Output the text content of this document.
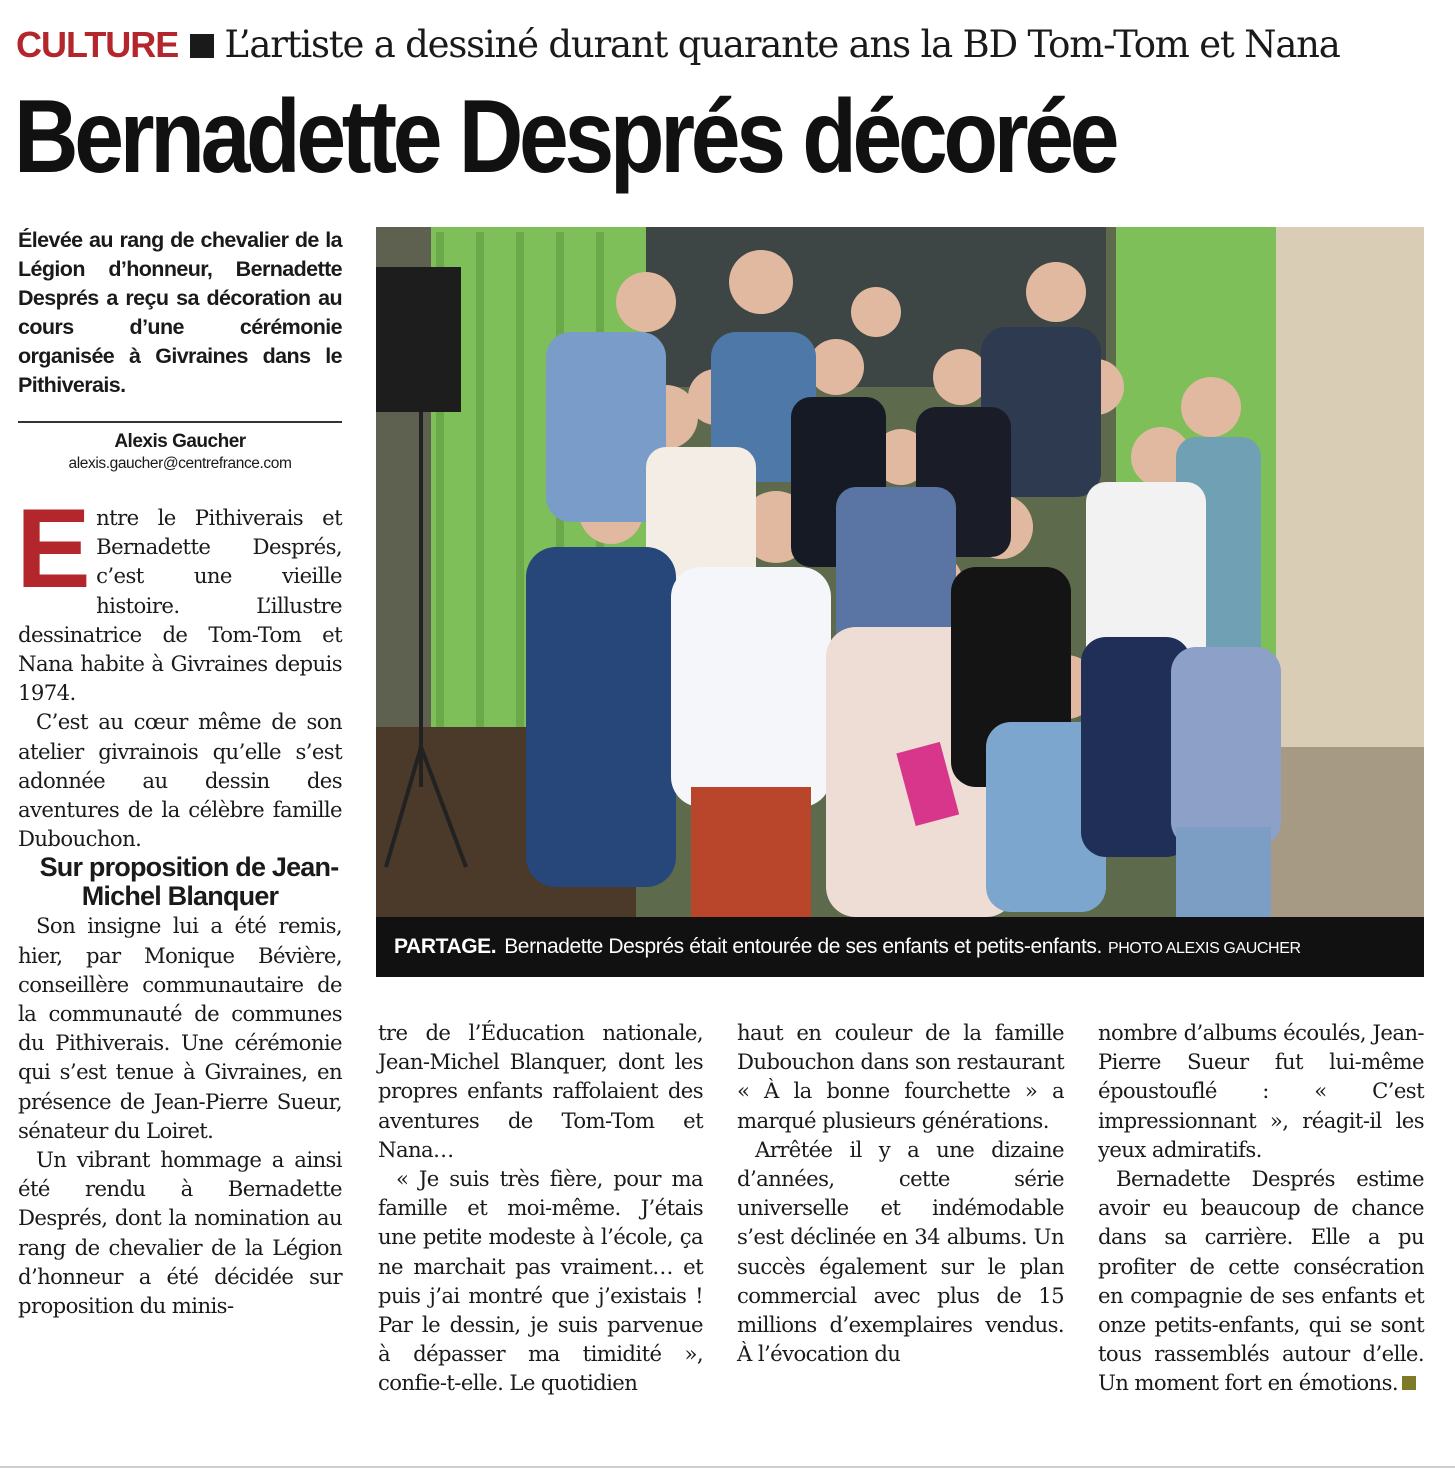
CULTURE L’artiste a dessiné durant quarante ans la BD Tom-Tom et Nana
Bernadette Després décorée
Élevée au rang de chevalier de la Légion d’honneur, Bernadette Després a reçu sa décoration au cours d’une cérémonie organisée à Givraines dans le Pithiverais.
Alexis Gaucher
alexis.gaucher@centrefrance.com

Entre le Pithiverais et Bernadette Després, c’est une vieille histoire. L’illustre dessinatrice de Tom-Tom et Nana habite à Givraines depuis 1974.

C’est au cœur même de son atelier givrainois qu’elle s’est adonnée au dessin des aventures de la célèbre famille Dubouchon.

Sur proposition de Jean-Michel Blanquer

Son insigne lui a été remis, hier, par Monique Bévière, conseillère communautaire de la communauté de communes du Pithiverais. Une cérémonie qui s’est tenue à Givraines, en présence de Jean-Pierre Sueur, sénateur du Loiret.

Un vibrant hommage a ainsi été rendu à Bernadette Després, dont la nomination au rang de chevalier de la Légion d’honneur a été décidée sur proposition du minis-

PARTAGE. Bernadette Després était entourée de ses enfants et petits-enfants. PHOTO ALEXIS GAUCHER

tre de l’Éducation nationale, Jean-Michel Blanquer, dont les propres enfants raffolaient des aventures de Tom-Tom et Nana…

« Je suis très fière, pour ma famille et moi-même. J’étais une petite modeste à l’école, ça ne marchait pas vraiment… et puis j’ai montré que j’existais ! Par le dessin, je suis parvenue à dépasser ma timidité », confie-t-elle. Le quotidien

haut en couleur de la famille Dubouchon dans son restaurant « À la bonne fourchette » a marqué plusieurs générations.

Arrêtée il y a une dizaine d’années, cette série universelle et indémodable s’est déclinée en 34 albums. Un succès également sur le plan commercial avec plus de 15 millions d’exemplaires vendus. À l’évocation du

nombre d’albums écoulés, Jean-Pierre Sueur fut lui-même époustouflé : « C’est impressionnant », réagit-il les yeux admiratifs.

Bernadette Després estime avoir eu beaucoup de chance dans sa carrière. Elle a pu profiter de cette consécration en compagnie de ses enfants et onze petits-enfants, qui se sont tous rassemblés autour d’elle. Un moment fort en émotions.
